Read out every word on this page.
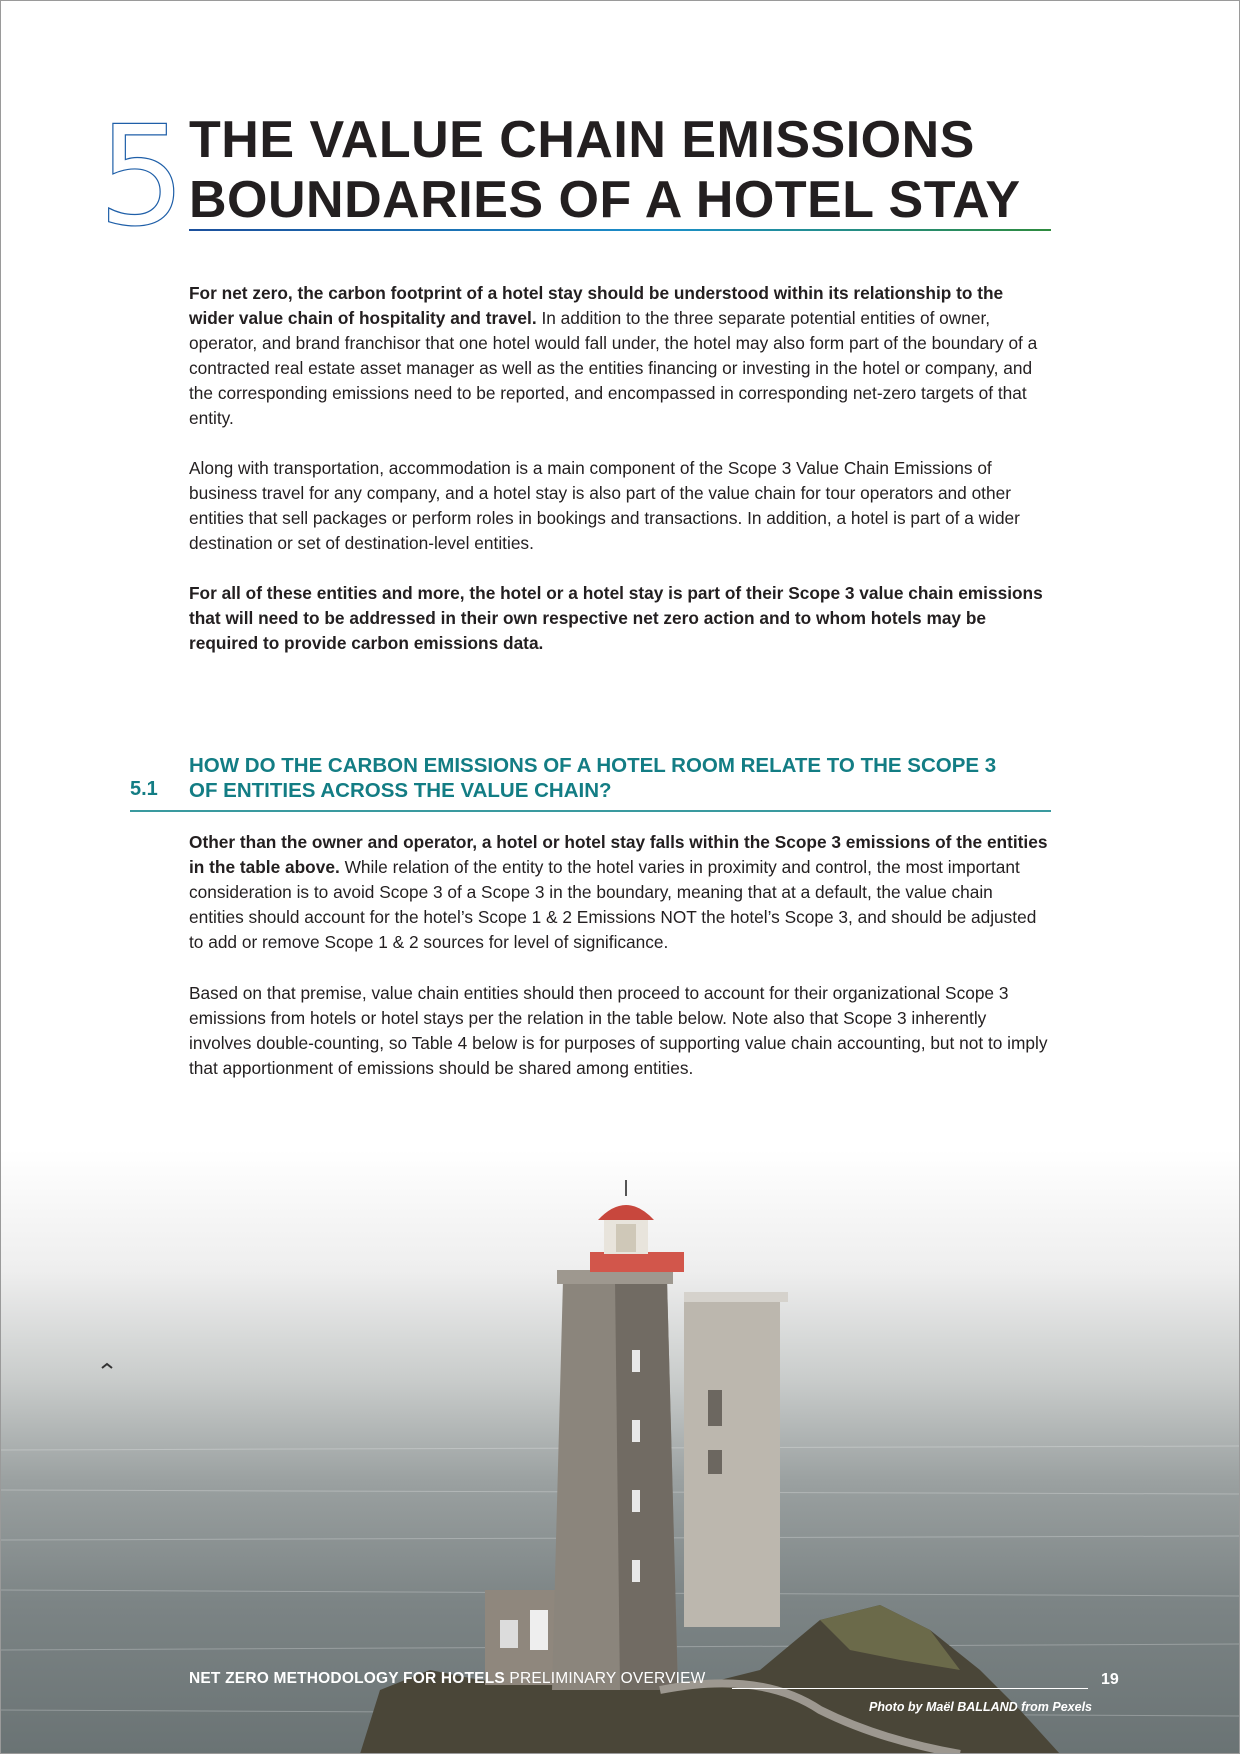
5 THE VALUE CHAIN EMISSIONS
BOUNDARIES OF A HOTEL STAY

For net zero, the carbon footprint of a hotel stay should be understood within its relationship to the wider value chain of hospitality and travel. In addition to the three separate potential entities of owner, operator, and brand franchisor that one hotel would fall under, the hotel may also form part of the boundary of a contracted real estate asset manager as well as the entities financing or investing in the hotel or company, and the corresponding emissions need to be reported, and encompassed in corresponding net-zero targets of that entity.

Along with transportation, accommodation is a main component of the Scope 3 Value Chain Emissions of business travel for any company, and a hotel stay is also part of the value chain for tour operators and other entities that sell packages or perform roles in bookings and transactions. In addition, a hotel is part of a wider destination or set of destination-level entities.

For all of these entities and more, the hotel or a hotel stay is part of their Scope 3 value chain emissions that will need to be addressed in their own respective net zero action and to whom hotels may be required to provide carbon emissions data.

5.1
HOW DO THE CARBON EMISSIONS OF A HOTEL ROOM RELATE TO THE SCOPE 3
OF ENTITIES ACROSS THE VALUE CHAIN?

Other than the owner and operator, a hotel or hotel stay falls within the Scope 3 emissions of the entities in the table above. While relation of the entity to the hotel varies in proximity and control, the most important consideration is to avoid Scope 3 of a Scope 3 in the boundary, meaning that at a default, the value chain entities should account for the hotel’s Scope 1 & 2 Emissions NOT the hotel’s Scope 3, and should be adjusted to add or remove Scope 1 & 2 sources for level of significance.

Based on that premise, value chain entities should then proceed to account for their organizational Scope 3 emissions from hotels or hotel stays per the relation in the table below. Note also that Scope 3 inherently involves double-counting, so Table 4 below is for purposes of supporting value chain accounting, but not to imply that apportionment of emissions should be shared among entities.

NET ZERO METHODOLOGY FOR HOTELS PRELIMINARY OVERVIEW	19
Photo by Maël BALLAND from Pexels
